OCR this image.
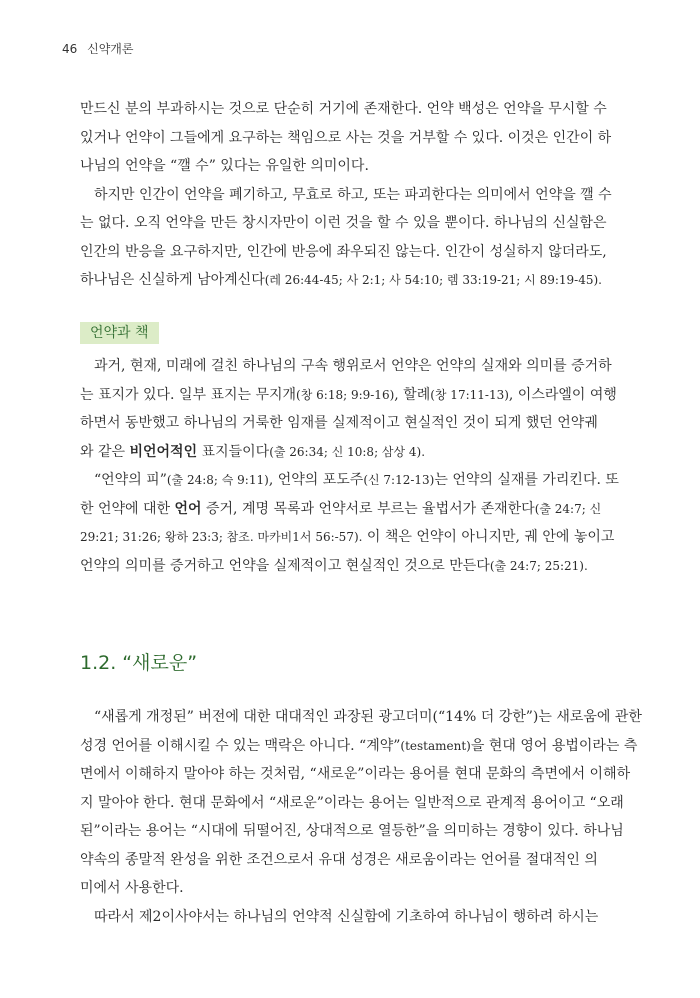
46 신약개론
만드신 분의 부과하시는 것으로 단순히 거기에 존재한다. 언약 백성은 언약을 무시할 수
있거나 언약이 그들에게 요구하는 책임으로 사는 것을 거부할 수 있다. 이것은 인간이 하
나님의 언약을 “깰 수” 있다는 유일한 의미이다.
하지만 인간이 언약을 폐기하고, 무효로 하고, 또는 파괴한다는 의미에서 언약을 깰 수
는 없다. 오직 언약을 만든 창시자만이 이런 것을 할 수 있을 뿐이다. 하나님의 신실함은
인간의 반응을 요구하지만, 인간에 반응에 좌우되진 않는다. 인간이 성실하지 않더라도,
하나님은 신실하게 남아계신다(레 26:44-45; 사 2:1; 사 54:10; 렘 33:19-21; 시 89:19-45).
언약과 책
과거, 현재, 미래에 걸친 하나님의 구속 행위로서 언약은 언약의 실재와 의미를 증거하
는 표지가 있다. 일부 표지는 무지개(창 6:18; 9:9-16), 할례(창 17:11-13), 이스라엘이 여행
하면서 동반했고 하나님의 거룩한 임재를 실제적이고 현실적인 것이 되게 했던 언약궤
와 같은 비언어적인 표지들이다(출 26:34; 신 10:8; 삼상 4).
“언약의 피”(출 24:8; 슥 9:11), 언약의 포도주(신 7:12-13)는 언약의 실재를 가리킨다. 또
한 언약에 대한 언어 증거, 계명 목록과 언약서로 부르는 율법서가 존재한다(출 24:7; 신
29:21; 31:26; 왕하 23:3; 참조. 마카비1서 56:-57). 이 책은 언약이 아니지만, 궤 안에 놓이고
언약의 의미를 증거하고 언약을 실제적이고 현실적인 것으로 만든다(출 24:7; 25:21).
1.2. “새로운”
“새롭게 개정된” 버전에 대한 대대적인 과장된 광고더미(“14% 더 강한”)는 새로움에 관한
성경 언어를 이해시킬 수 있는 맥락은 아니다. “계약”(testament)을 현대 영어 용법이라는 측
면에서 이해하지 말아야 하는 것처럼, “새로운”이라는 용어를 현대 문화의 측면에서 이해하
지 말아야 한다. 현대 문화에서 “새로운”이라는 용어는 일반적으로 관계적 용어이고 “오래
된”이라는 용어는 “시대에 뒤떨어진, 상대적으로 열등한”을 의미하는 경향이 있다. 하나님
약속의 종말적 완성을 위한 조건으로서 유대 성경은 새로움이라는 언어를 절대적인 의
미에서 사용한다.
따라서 제2이사야서는 하나님의 언약적 신실함에 기초하여 하나님이 행하려 하시는
